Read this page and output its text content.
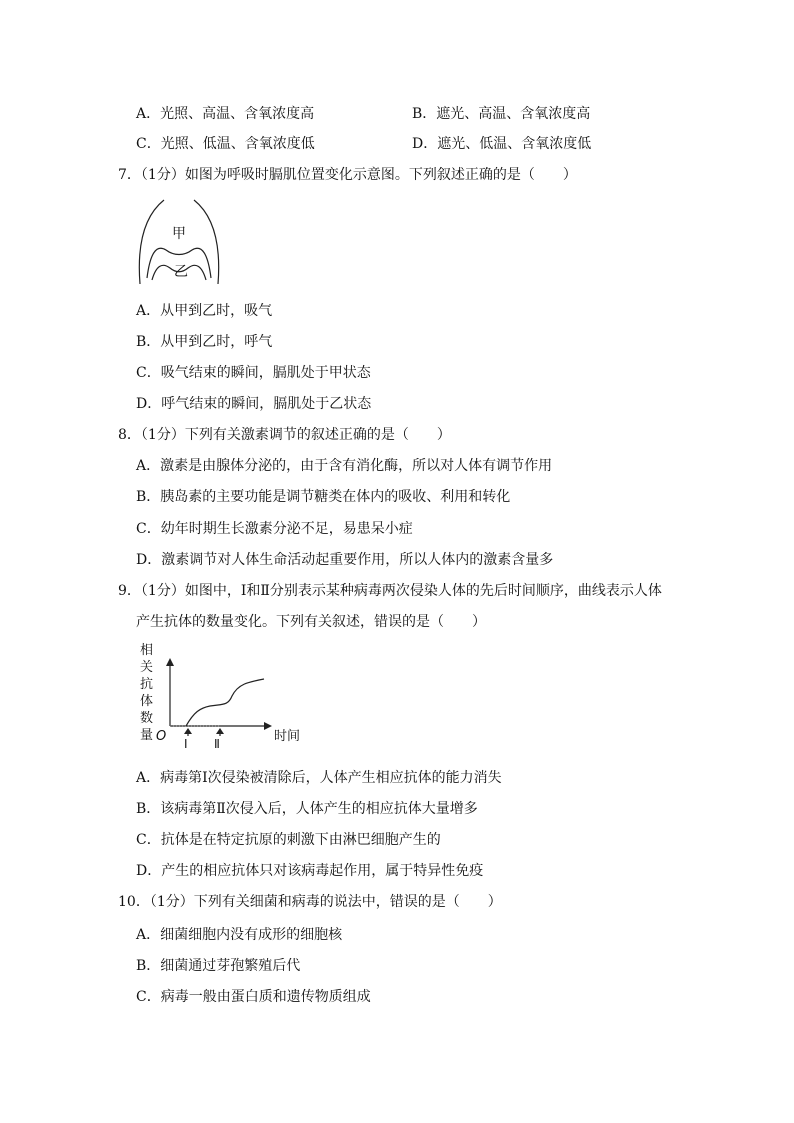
A．光照、高温、含氧浓度高	B．遮光、高温、含氧浓度高
C．光照、低温、含氧浓度低	D．遮光、低温、含氧浓度低
7．（1分）如图为呼吸时膈肌位置变化示意图。下列叙述正确的是（　　）
甲
乙
A．从甲到乙时，吸气
B．从甲到乙时，呼气
C．吸气结束的瞬间，膈肌处于甲状态
D．呼气结束的瞬间，膈肌处于乙状态
8．（1分）下列有关激素调节的叙述正确的是（　　）
A．激素是由腺体分泌的，由于含有消化酶，所以对人体有调节作用
B．胰岛素的主要功能是调节糖类在体内的吸收、利用和转化
C．幼年时期生长激素分泌不足，易患呆小症
D．激素调节对人体生命活动起重要作用，所以人体内的激素含量多
9．（1分）如图中，Ⅰ和Ⅱ分别表示某种病毒两次侵染人体的先后时间顺序，曲线表示人体
产生抗体的数量变化。下列有关叙述，错误的是（　　）
相
关
抗
体
数
量 O	时间
Ⅰ Ⅱ
A．病毒第Ⅰ次侵染被清除后，人体产生相应抗体的能力消失
B．该病毒第Ⅱ次侵入后，人体产生的相应抗体大量增多
C．抗体是在特定抗原的刺激下由淋巴细胞产生的
D．产生的相应抗体只对该病毒起作用，属于特异性免疫
10．（1分）下列有关细菌和病毒的说法中，错误的是（　　）
A．细菌细胞内没有成形的细胞核
B．细菌通过芽孢繁殖后代
C．病毒一般由蛋白质和遗传物质组成
